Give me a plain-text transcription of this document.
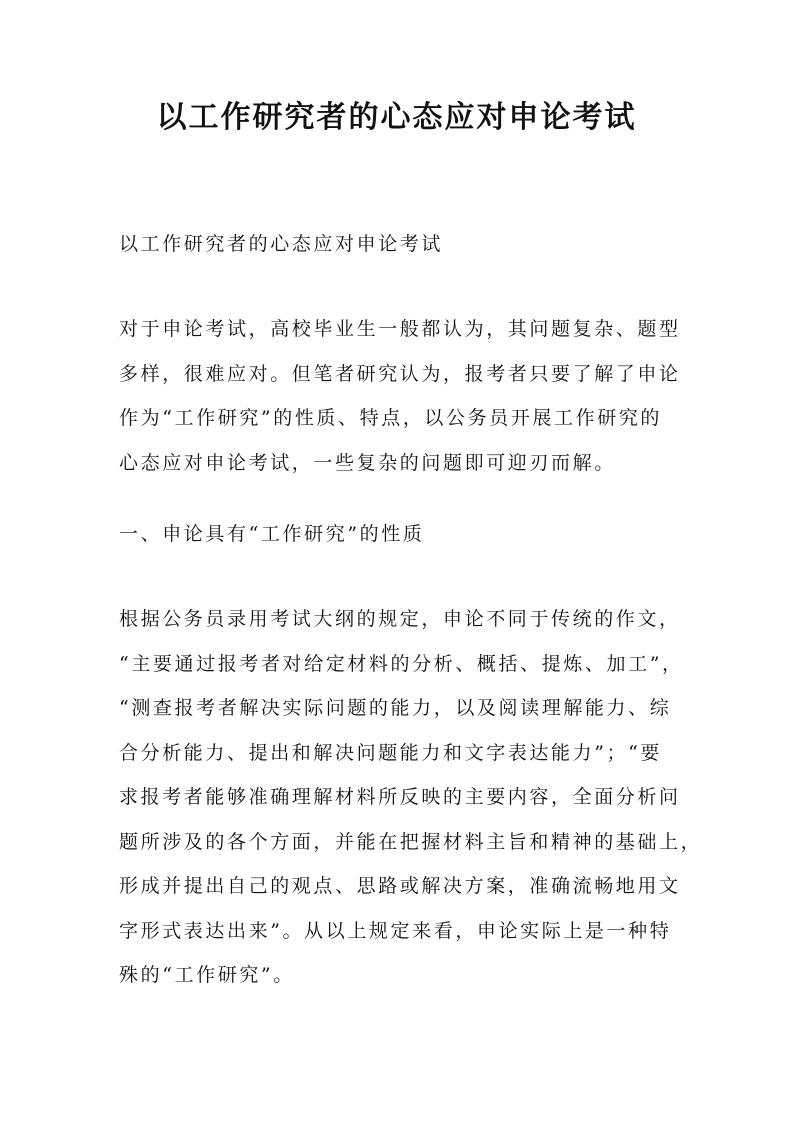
以工作研究者的心态应对申论考试
以工作研究者的心态应对申论考试
对于申论考试，高校毕业生一般都认为，其问题复杂、题型
多样，很难应对。但笔者研究认为，报考者只要了解了申论
作为“工作研究”的性质、特点，以公务员开展工作研究的
心态应对申论考试，一些复杂的问题即可迎刃而解。
一、申论具有“工作研究”的性质
根据公务员录用考试大纲的规定，申论不同于传统的作文，
“主要通过报考者对给定材料的分析、概括、提炼、加工”，
“测查报考者解决实际问题的能力，以及阅读理解能力、综
合分析能力、提出和解决问题能力和文字表达能力”；“要
求报考者能够准确理解材料所反映的主要内容，全面分析问
题所涉及的各个方面，并能在把握材料主旨和精神的基础上，
形成并提出自己的观点、思路或解决方案，准确流畅地用文
字形式表达出来”。从以上规定来看，申论实际上是一种特
殊的“工作研究”。
